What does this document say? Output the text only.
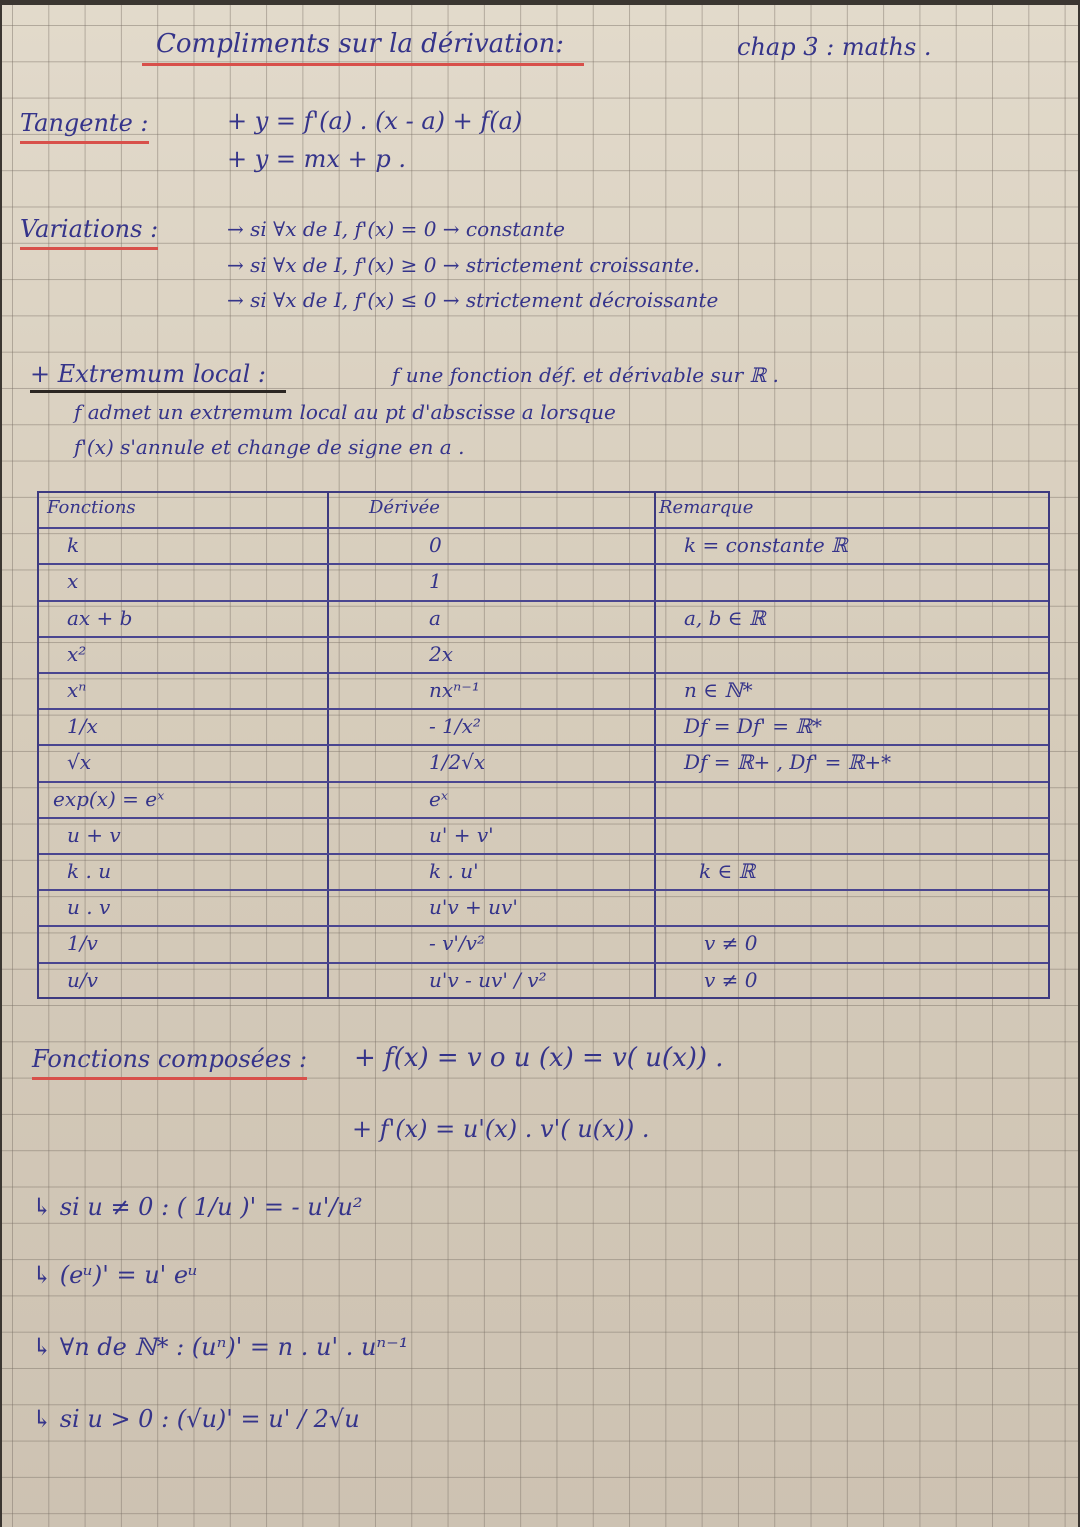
Compliments sur la dérivation:	chap 3 : maths .
Tangente :	+ y = f'(a) . (x - a) + f(a)
+ y = mx + p .
Variations :	→ si ∀x de I, f'(x) = 0 → constante
→ si ∀x de I, f'(x) ≥ 0 → strictement croissante.
→ si ∀x de I, f'(x) ≤ 0 → strictement décroissante
+ Extremum local :	f une fonction déf. et dérivable sur ℝ .
f admet un extremum local au pt d'abscisse a lorsque
f'(x) s'annule et change de signe en a .
Fonctions	Dérivée	Remarque
k	0	k = constante ℝ
x	1
ax + b	a	a, b ∈ ℝ
x²	2x
xⁿ	nxⁿ⁻¹	n ∈ ℕ*
1/x	- 1/x²	Df = Df' = ℝ*
√x	1/2√x	Df = ℝ+ , Df' = ℝ+*
exp(x) = eˣ	eˣ
u + v	u' + v'
k . u	k . u'	k ∈ ℝ
u . v	u'v + uv'
1/v	- v'/v²	v ≠ 0
u/v	u'v - uv' / v²	v ≠ 0
Fonctions composées : + f(x) = v o u (x) = v( u(x)) .
+ f'(x) = u'(x) . v'( u(x)) .
↳ si u ≠ 0 : ( 1/u )' = - u'/u²
↳ (eᵘ)' = u' eᵘ
↳ ∀n de ℕ* : (uⁿ)' = n . u' . uⁿ⁻¹
↳ si u > 0 : (√u)' = u' / 2√u
